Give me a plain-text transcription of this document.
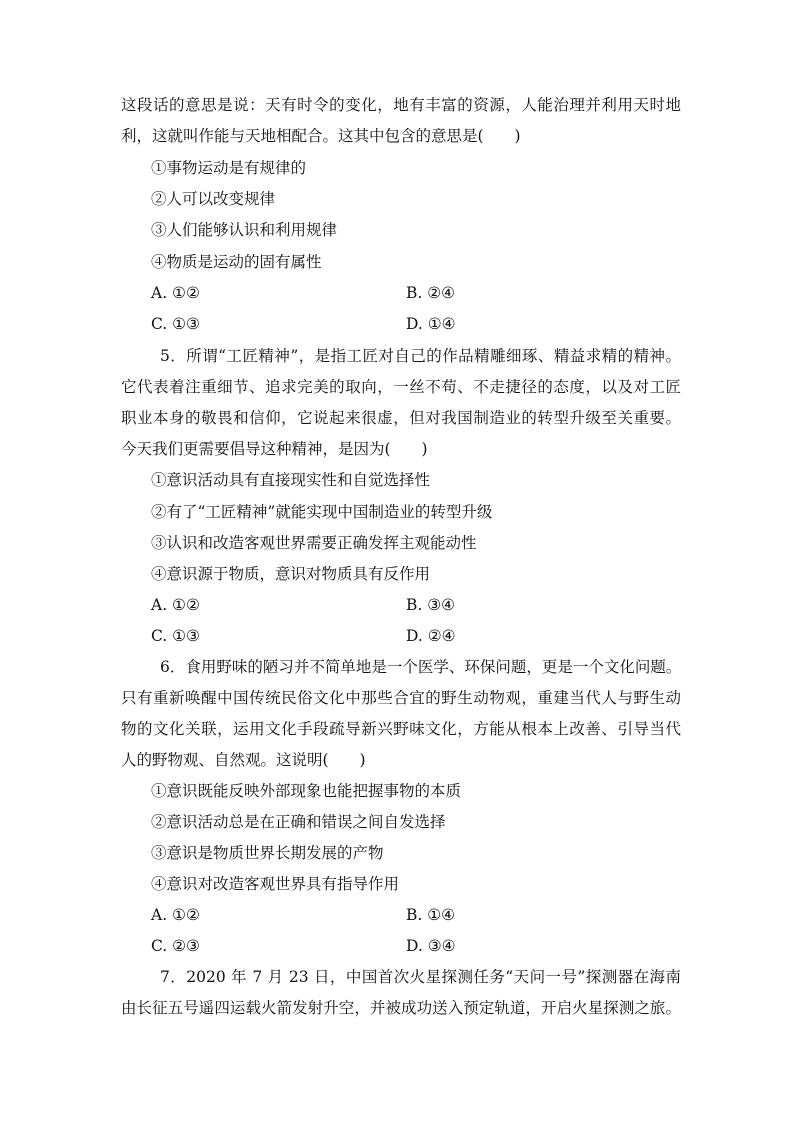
这段话的意思是说：天有时令的变化，地有丰富的资源，人能治理并利用天时地
利，这就叫作能与天地相配合。这其中包含的意思是(　　)
①事物运动是有规律的
②人可以改变规律
③人们能够认识和利用规律
④物质是运动的固有属性
A. ①②	B. ②④
C. ①③	D. ①④
5．所谓“工匠精神”，是指工匠对自己的作品精雕细琢、精益求精的精神。
它代表着注重细节、追求完美的取向，一丝不苟、不走捷径的态度，以及对工匠
职业本身的敬畏和信仰，它说起来很虚，但对我国制造业的转型升级至关重要。
今天我们更需要倡导这种精神，是因为(　　)
①意识活动具有直接现实性和自觉选择性
②有了“工匠精神”就能实现中国制造业的转型升级
③认识和改造客观世界需要正确发挥主观能动性
④意识源于物质，意识对物质具有反作用
A. ①②	B. ③④
C. ①③	D. ②④
6．食用野味的陋习并不简单地是一个医学、环保问题，更是一个文化问题。
只有重新唤醒中国传统民俗文化中那些合宜的野生动物观，重建当代人与野生动
物的文化关联，运用文化手段疏导新兴野味文化，方能从根本上改善、引导当代
人的野物观、自然观。这说明(　　)
①意识既能反映外部现象也能把握事物的本质
②意识活动总是在正确和错误之间自发选择
③意识是物质世界长期发展的产物
④意识对改造客观世界具有指导作用
A. ①②	B. ①④
C. ②③	D. ③④
7．2020 年 7 月 23 日，中国首次火星探测任务“天问一号”探测器在海南
由长征五号遥四运载火箭发射升空，并被成功送入预定轨道，开启火星探测之旅。
